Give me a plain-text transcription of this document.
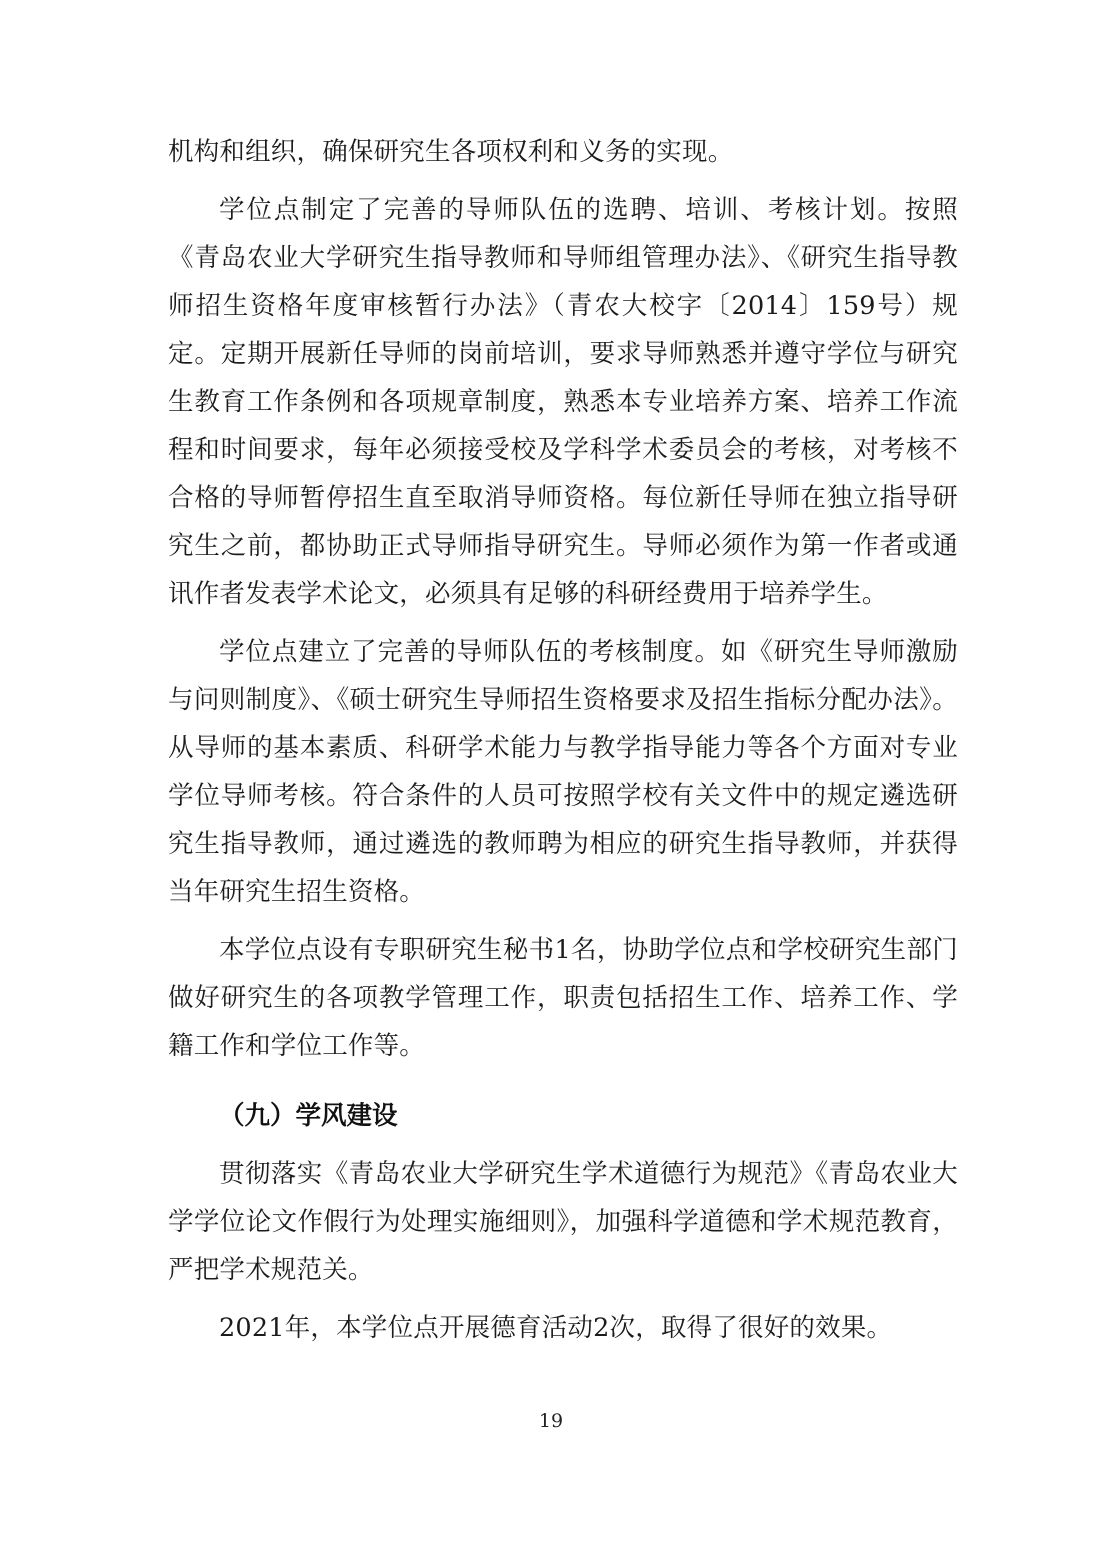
机构和组织，确保研究生各项权利和义务的实现。

学位点制定了完善的导师队伍的选聘、培训、考核计划。按照《青岛农业大学研究生指导教师和导师组管理办法》、《研究生指导教师招生资格年度审核暂行办法》（青农大校字〔2014〕159号）规定。定期开展新任导师的岗前培训，要求导师熟悉并遵守学位与研究生教育工作条例和各项规章制度，熟悉本专业培养方案、培养工作流程和时间要求，每年必须接受校及学科学术委员会的考核，对考核不合格的导师暂停招生直至取消导师资格。每位新任导师在独立指导研究生之前，都协助正式导师指导研究生。导师必须作为第一作者或通讯作者发表学术论文，必须具有足够的科研经费用于培养学生。

学位点建立了完善的导师队伍的考核制度。如《研究生导师激励与问则制度》、《硕士研究生导师招生资格要求及招生指标分配办法》。从导师的基本素质、科研学术能力与教学指导能力等各个方面对专业学位导师考核。符合条件的人员可按照学校有关文件中的规定遴选研究生指导教师，通过遴选的教师聘为相应的研究生指导教师，并获得当年研究生招生资格。

本学位点设有专职研究生秘书1名，协助学位点和学校研究生部门做好研究生的各项教学管理工作，职责包括招生工作、培养工作、学籍工作和学位工作等。

（九）学风建设

贯彻落实《青岛农业大学研究生学术道德行为规范》《青岛农业大学学位论文作假行为处理实施细则》，加强科学道德和学术规范教育，严把学术规范关。

2021年，本学位点开展德育活动2次，取得了很好的效果。

19
